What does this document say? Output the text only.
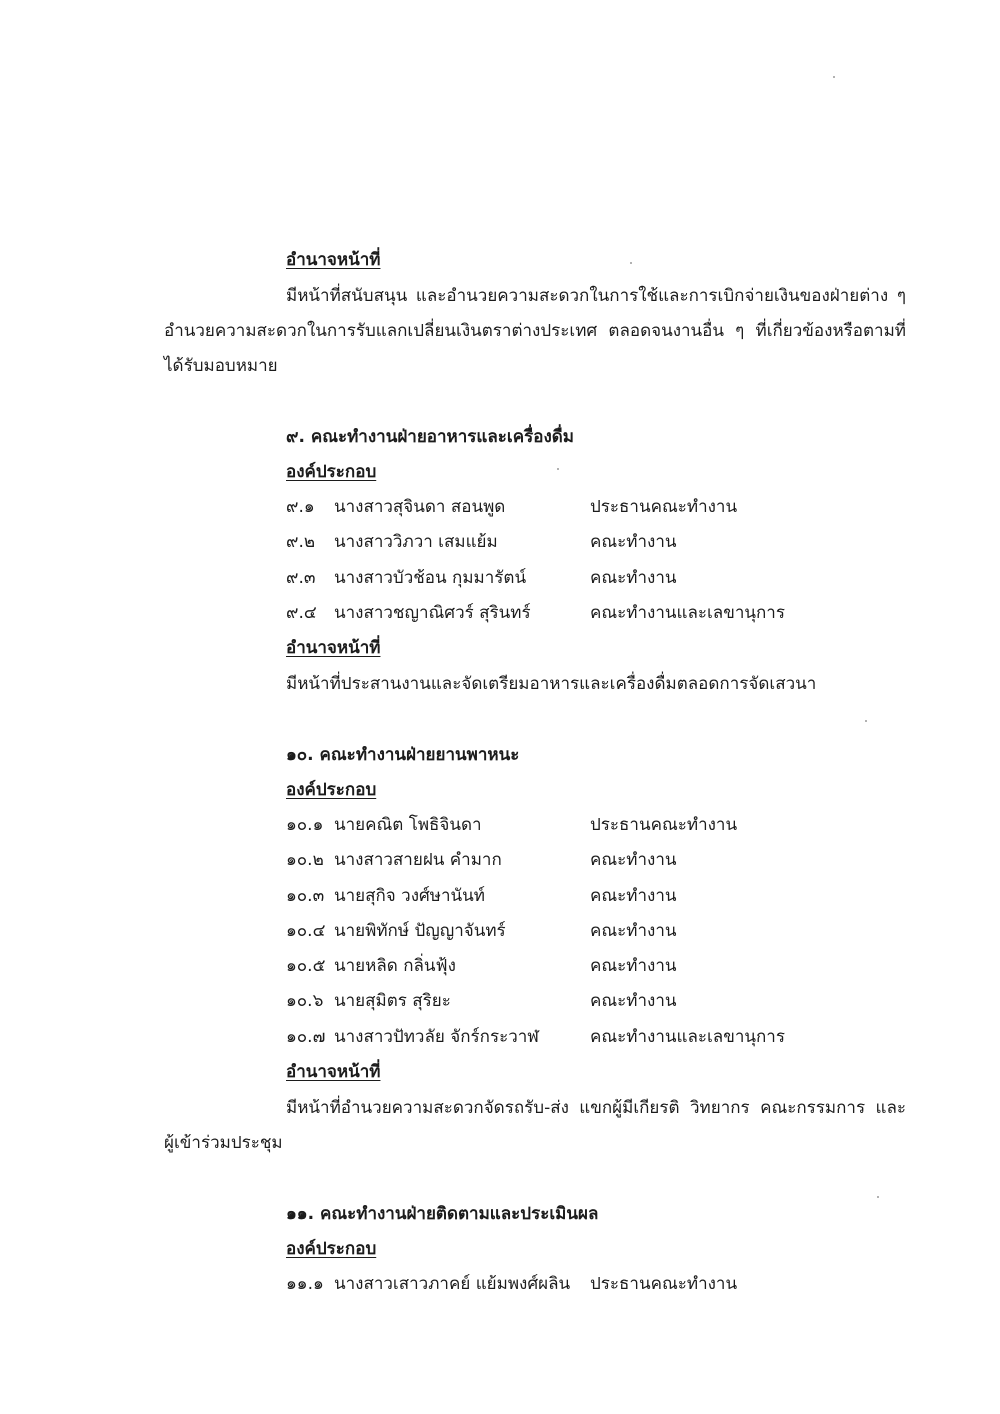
อำนาจหน้าที่
มีหน้าที่สนับสนุน และอำนวยความสะดวกในการใช้และการเบิกจ่ายเงินของฝ่ายต่าง ๆ
อำนวยความสะดวกในการรับแลกเปลี่ยนเงินตราต่างประเทศ ตลอดจนงานอื่น ๆ ที่เกี่ยวข้องหรือตามที่
ได้รับมอบหมาย
๙. คณะทำงานฝ่ายอาหารและเครื่องดื่ม
องค์ประกอบ
๙.๑ นางสาวสุจินดา สอนพูด	ประธานคณะทำงาน
๙.๒ นางสาววิภวา เสมแย้ม	คณะทำงาน
๙.๓ นางสาวบัวช้อน กุมมารัตน์	คณะทำงาน
๙.๔ นางสาวชญาณิศวร์ สุรินทร์	คณะทำงานและเลขานุการ
อำนาจหน้าที่
มีหน้าที่ประสานงานและจัดเตรียมอาหารและเครื่องดื่มตลอดการจัดเสวนา
๑๐. คณะทำงานฝ่ายยานพาหนะ
องค์ประกอบ
๑๐.๑ นายคณิต โพธิจินดา	ประธานคณะทำงาน
๑๐.๒ นางสาวสายฝน คำมาก	คณะทำงาน
๑๐.๓ นายสุกิจ วงศ์ษานันท์	คณะทำงาน
๑๐.๔ นายพิทักษ์ ปัญญาจันทร์	คณะทำงาน
๑๐.๕ นายหลิด กลิ่นฟุ้ง	คณะทำงาน
๑๐.๖ นายสุมิตร สุริยะ	คณะทำงาน
๑๐.๗ นางสาวปัทวลัย จักร์กระวาฬ	คณะทำงานและเลขานุการ
อำนาจหน้าที่
มีหน้าที่อำนวยความสะดวกจัดรถรับ-ส่ง แขกผู้มีเกียรติ วิทยากร คณะกรรมการ และ
ผู้เข้าร่วมประชุม
๑๑. คณะทำงานฝ่ายติดตามและประเมินผล
องค์ประกอบ
๑๑.๑ นางสาวเสาวภาคย์ แย้มพงศ์ผลิน ประธานคณะทำงาน
